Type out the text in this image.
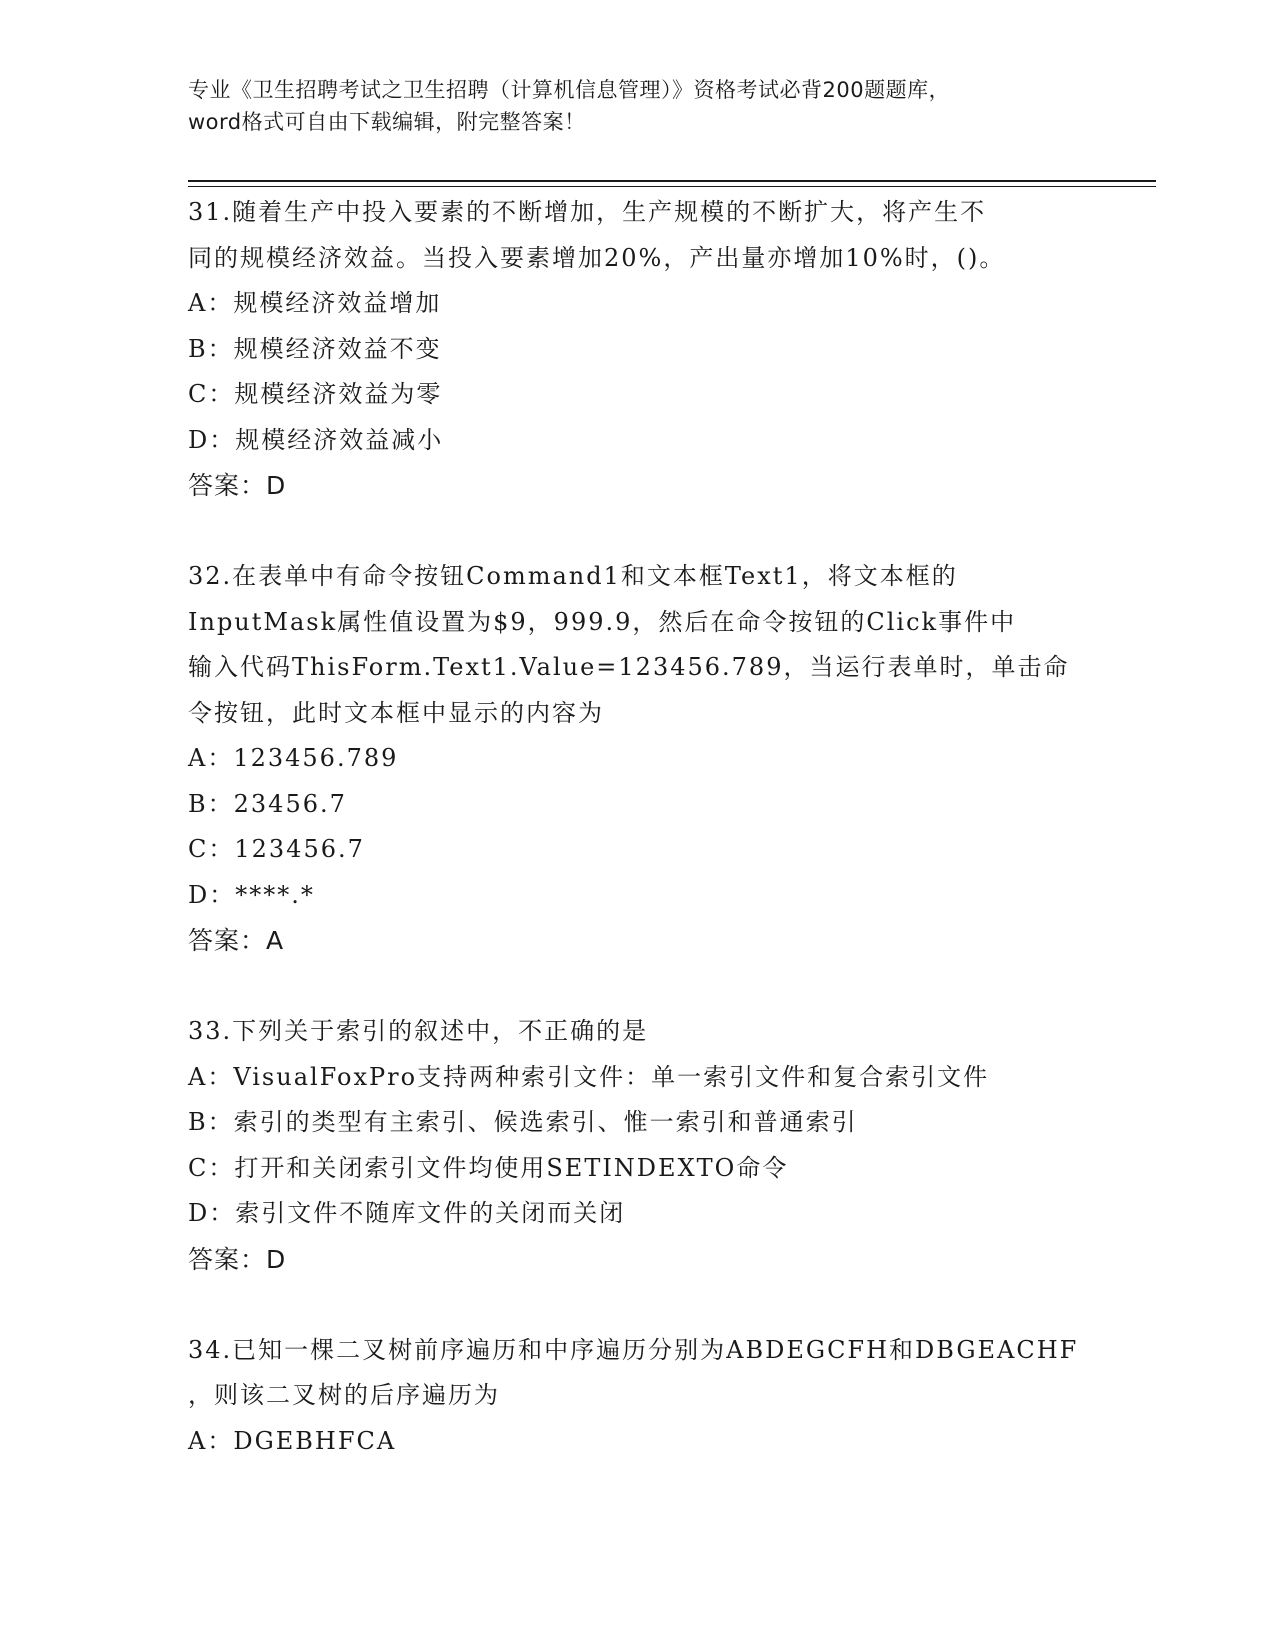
专业《卫生招聘考试之卫生招聘（计算机信息管理）》资格考试必背200题题库，
word格式可自由下载编辑，附完整答案！
31.随着生产中投入要素的不断增加，生产规模的不断扩大，将产生不
同的规模经济效益。当投入要素增加20%，产出量亦增加10%时，()。
A：规模经济效益增加
B：规模经济效益不变
C：规模经济效益为零
D：规模经济效益减小
答案：D
32.在表单中有命令按钮Command1和文本框Text1，将文本框的
InputMask属性值设置为$9，999.9，然后在命令按钮的Click事件中
输入代码ThisForm.Text1.Value=123456.789，当运行表单时，单击命
令按钮，此时文本框中显示的内容为
A：123456.789
B：23456.7
C：123456.7
D：****.*
答案：A
33.下列关于索引的叙述中，不正确的是
A：VisualFoxPro支持两种索引文件：单一索引文件和复合索引文件
B：索引的类型有主索引、候选索引、惟一索引和普通索引
C：打开和关闭索引文件均使用SETINDEXTO命令
D：索引文件不随库文件的关闭而关闭
答案：D
34.已知一棵二叉树前序遍历和中序遍历分别为ABDEGCFH和DBGEACHF
，则该二叉树的后序遍历为
A：DGEBHFCA
